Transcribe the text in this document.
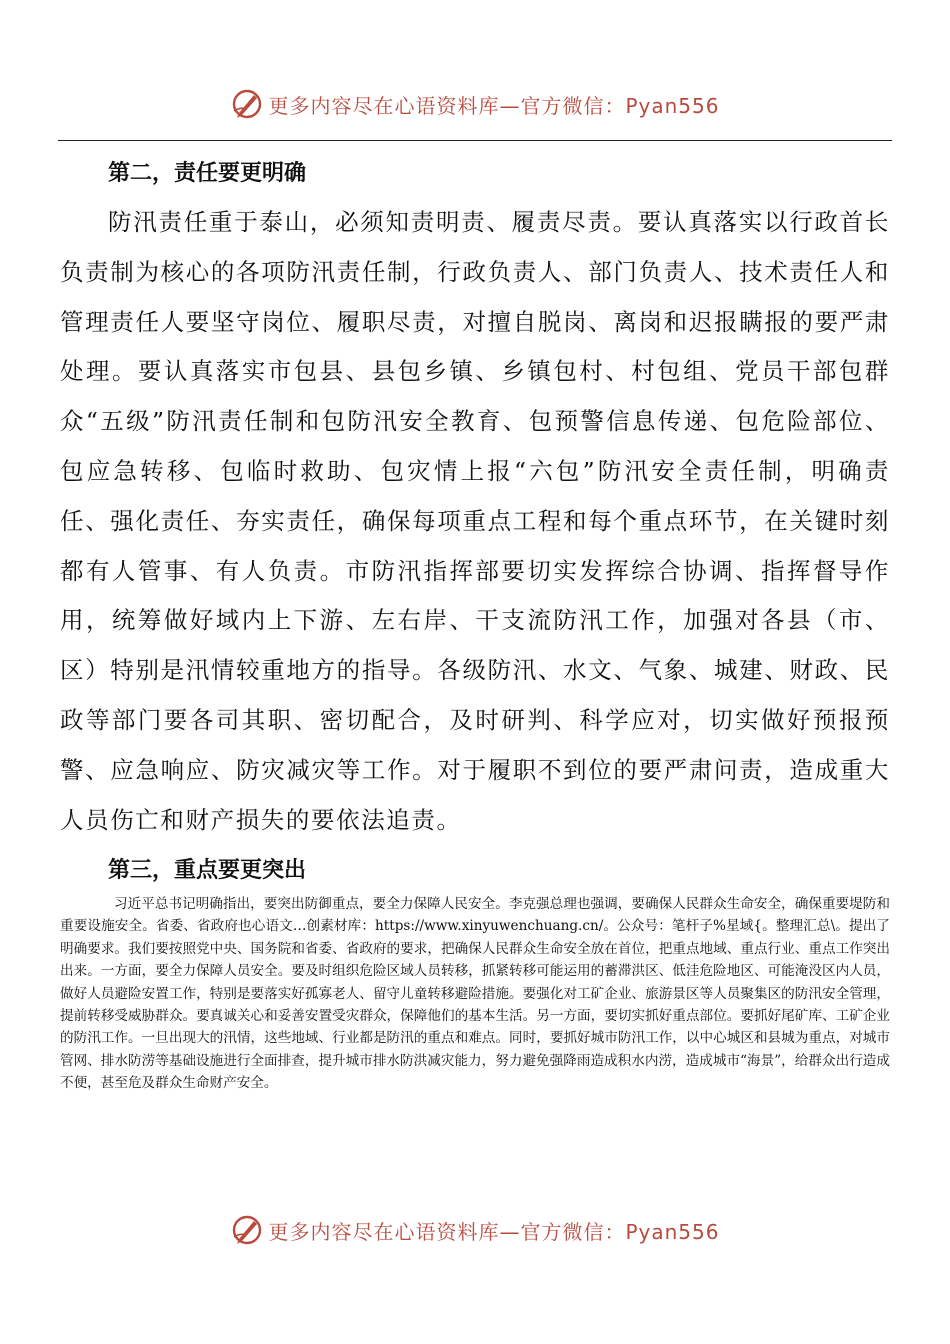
更多内容尽在心语资料库—官方微信：Pyan556
第二，责任要更明确

防汛责任重于泰山，必须知责明责、履责尽责。要认真落实以行政首长负责制为核心的各项防汛责任制，行政负责人、部门负责人、技术责任人和管理责任人要坚守岗位、履职尽责，对擅自脱岗、离岗和迟报瞒报的要严肃处理。要认真落实市包县、县包乡镇、乡镇包村、村包组、党员干部包群众“五级”防汛责任制和包防汛安全教育、包预警信息传递、包危险部位、包应急转移、包临时救助、包灾情上报“六包”防汛安全责任制，明确责任、强化责任、夯实责任，确保每项重点工程和每个重点环节，在关键时刻都有人管事、有人负责。市防汛指挥部要切实发挥综合协调、指挥督导作用，统筹做好域内上下游、左右岸、干支流防汛工作，加强对各县（市、区）特别是汛情较重地方的指导。各级防汛、水文、气象、城建、财政、民政等部门要各司其职、密切配合，及时研判、科学应对，切实做好预报预警、应急响应、防灾减灾等工作。对于履职不到位的要严肃问责，造成重大人员伤亡和财产损失的要依法追责。

第三，重点要更突出

习近平总书记明确指出，要突出防御重点，要全力保障人民安全。李克强总理也强调，要确保人民群众生命安全，确保重要堤防和重要设施安全。省委、省政府也心语文…创素材库：https://www.xinyuwenchuang.cn/。公众号：笔杆子%星域{。整理汇总\。提出了明确要求。我们要按照党中央、国务院和省委、省政府的要求，把确保人民群众生命安全放在首位，把重点地域、重点行业、重点工作突出出来。一方面，要全力保障人员安全。要及时组织危险区域人员转移，抓紧转移可能运用的蓄滞洪区、低洼危险地区、可能淹没区内人员，做好人员避险安置工作，特别是要落实好孤寡老人、留守儿童转移避险措施。要强化对工矿企业、旅游景区等人员聚集区的防汛安全管理，提前转移受威胁群众。要真诚关心和妥善安置受灾群众，保障他们的基本生活。另一方面，要切实抓好重点部位。要抓好尾矿库、工矿企业的防汛工作。一旦出现大的汛情，这些地域、行业都是防汛的重点和难点。同时，要抓好城市防汛工作，以中心城区和县城为重点，对城市管网、排水防涝等基础设施进行全面排查，提升城市排水防洪减灾能力，努力避免强降雨造成积水内涝，造成城市“海景”，给群众出行造成不便，甚至危及群众生命财产安全。

更多内容尽在心语资料库—官方微信：Pyan556
